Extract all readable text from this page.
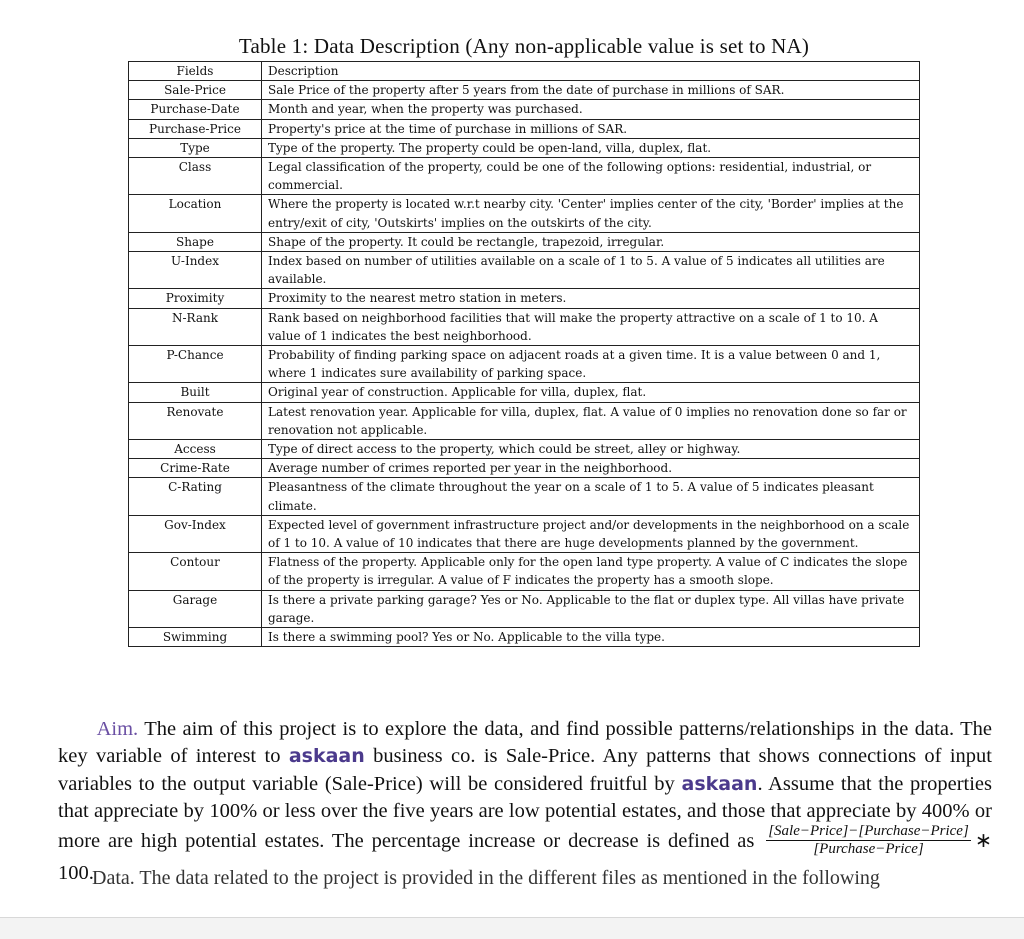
Table 1: Data Description (Any non-applicable value is set to NA)
Fields	Description
Sale-Price	Sale Price of the property after 5 years from the date of purchase in millions of SAR.
Purchase-Date	Month and year, when the property was purchased.
Purchase-Price	Property's price at the time of purchase in millions of SAR.
Type	Type of the property. The property could be open-land, villa, duplex, flat.
Class	Legal classification of the property, could be one of the following options: residential, industrial, or commercial.
Location	Where the property is located w.r.t nearby city. 'Center' implies center of the city, 'Border' implies at the entry/exit of city, 'Outskirts' implies on the outskirts of the city.
Shape	Shape of the property. It could be rectangle, trapezoid, irregular.
U-Index	Index based on number of utilities available on a scale of 1 to 5. A value of 5 indicates all utilities are available.
Proximity	Proximity to the nearest metro station in meters.
N-Rank	Rank based on neighborhood facilities that will make the property attractive on a scale of 1 to 10. A value of 1 indicates the best neighborhood.
P-Chance	Probability of finding parking space on adjacent roads at a given time. It is a value between 0 and 1, where 1 indicates sure availability of parking space.
Built	Original year of construction. Applicable for villa, duplex, flat.
Renovate	Latest renovation year. Applicable for villa, duplex, flat. A value of 0 implies no renovation done so far or renovation not applicable.
Access	Type of direct access to the property, which could be street, alley or highway.
Crime-Rate	Average number of crimes reported per year in the neighborhood.
C-Rating	Pleasantness of the climate throughout the year on a scale of 1 to 5. A value of 5 indicates pleasant climate.
Gov-Index	Expected level of government infrastructure project and/or developments in the neighborhood on a scale of 1 to 10. A value of 10 indicates that there are huge developments planned by the government.
Contour	Flatness of the property. Applicable only for the open land type property. A value of C indicates the slope of the property is irregular. A value of F indicates the property has a smooth slope.
Garage	Is there a private parking garage? Yes or No. Applicable to the flat or duplex type. All villas have private garage.
Swimming	Is there a swimming pool? Yes or No. Applicable to the villa type.
Aim. The aim of this project is to explore the data, and find possible patterns/relationships in the data. The key variable of interest to askaan business co. is Sale-Price. Any patterns that shows connections of input variables to the output variable (Sale-Price) will be considered fruitful by askaan. Assume that the properties that appreciate by 100% or less over the five years are low potential estates, and those that appreciate by 400% or more are high potential estates. The percentage increase or decrease is defined as $\frac{\text{[Sale−Price]−[Purchase−Price]}}{\text{[Purchase−Price]}}$ ∗ 100.
Data. The data related to the project is provided in the different files as mentioned in the following
